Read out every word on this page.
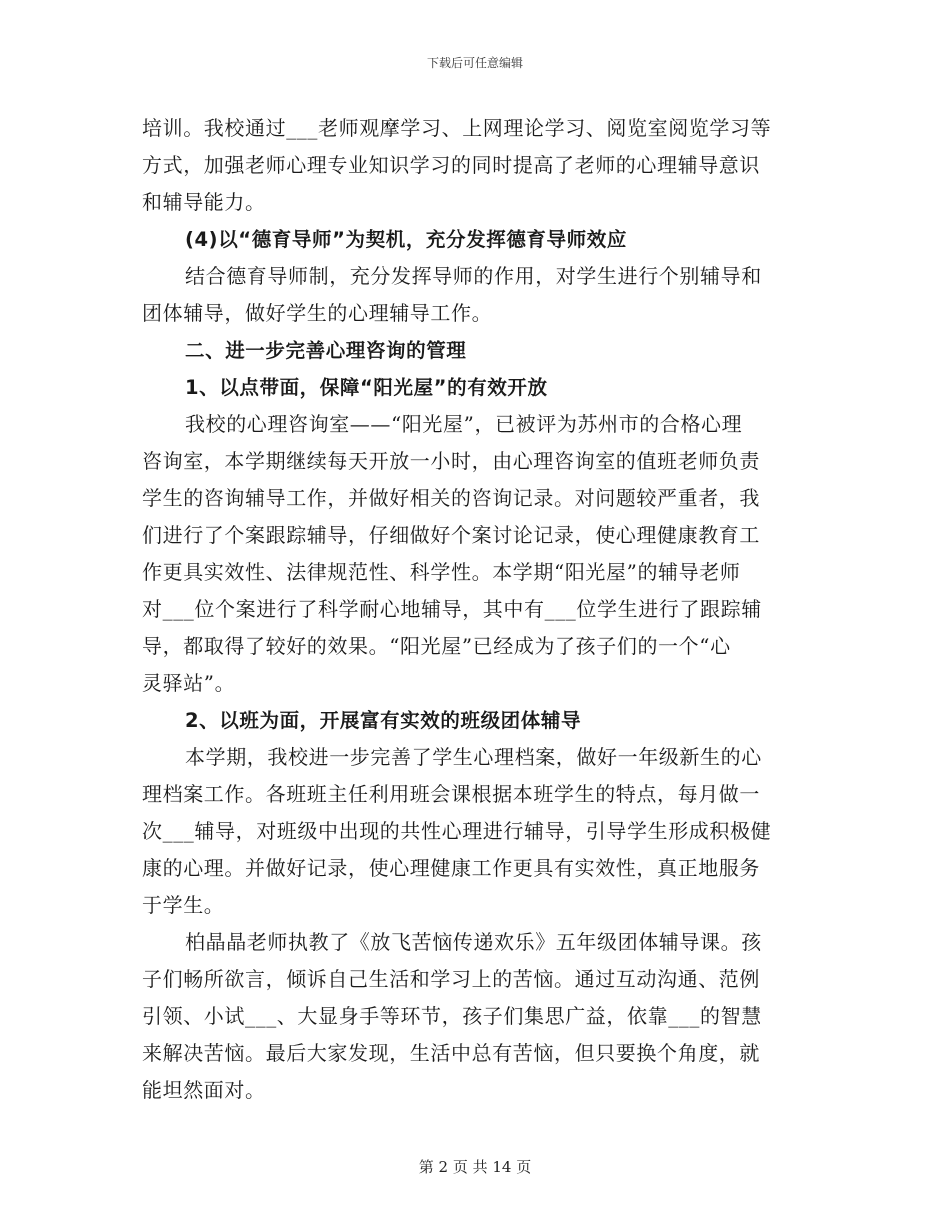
下载后可任意编辑

培训。我校通过___老师观摩学习、上网理论学习、阅览室阅览学习等
方式，加强老师心理专业知识学习的同时提高了老师的心理辅导意识
和辅导能力。

(4)以“德育导师”为契机，充分发挥德育导师效应

结合德育导师制，充分发挥导师的作用，对学生进行个别辅导和
团体辅导，做好学生的心理辅导工作。

二、进一步完善心理咨询的管理

1、以点带面，保障“阳光屋”的有效开放

我校的心理咨询室——“阳光屋”，已被评为苏州市的合格心理
咨询室，本学期继续每天开放一小时，由心理咨询室的值班老师负责
学生的咨询辅导工作，并做好相关的咨询记录。对问题较严重者，我
们进行了个案跟踪辅导，仔细做好个案讨论记录，使心理健康教育工
作更具实效性、法律规范性、科学性。本学期“阳光屋”的辅导老师
对___位个案进行了科学耐心地辅导，其中有___位学生进行了跟踪辅
导，都取得了较好的效果。“阳光屋”已经成为了孩子们的一个“心
灵驿站”。

2、以班为面，开展富有实效的班级团体辅导

本学期，我校进一步完善了学生心理档案，做好一年级新生的心
理档案工作。各班班主任利用班会课根据本班学生的特点，每月做一
次___辅导，对班级中出现的共性心理进行辅导，引导学生形成积极健
康的心理。并做好记录，使心理健康工作更具有实效性，真正地服务
于学生。

柏晶晶老师执教了《放飞苦恼传递欢乐》五年级团体辅导课。孩
子们畅所欲言，倾诉自己生活和学习上的苦恼。通过互动沟通、范例
引领、小试___、大显身手等环节，孩子们集思广益，依靠___的智慧
来解决苦恼。最后大家发现，生活中总有苦恼，但只要换个角度，就
能坦然面对。

第 2 页 共 14 页
